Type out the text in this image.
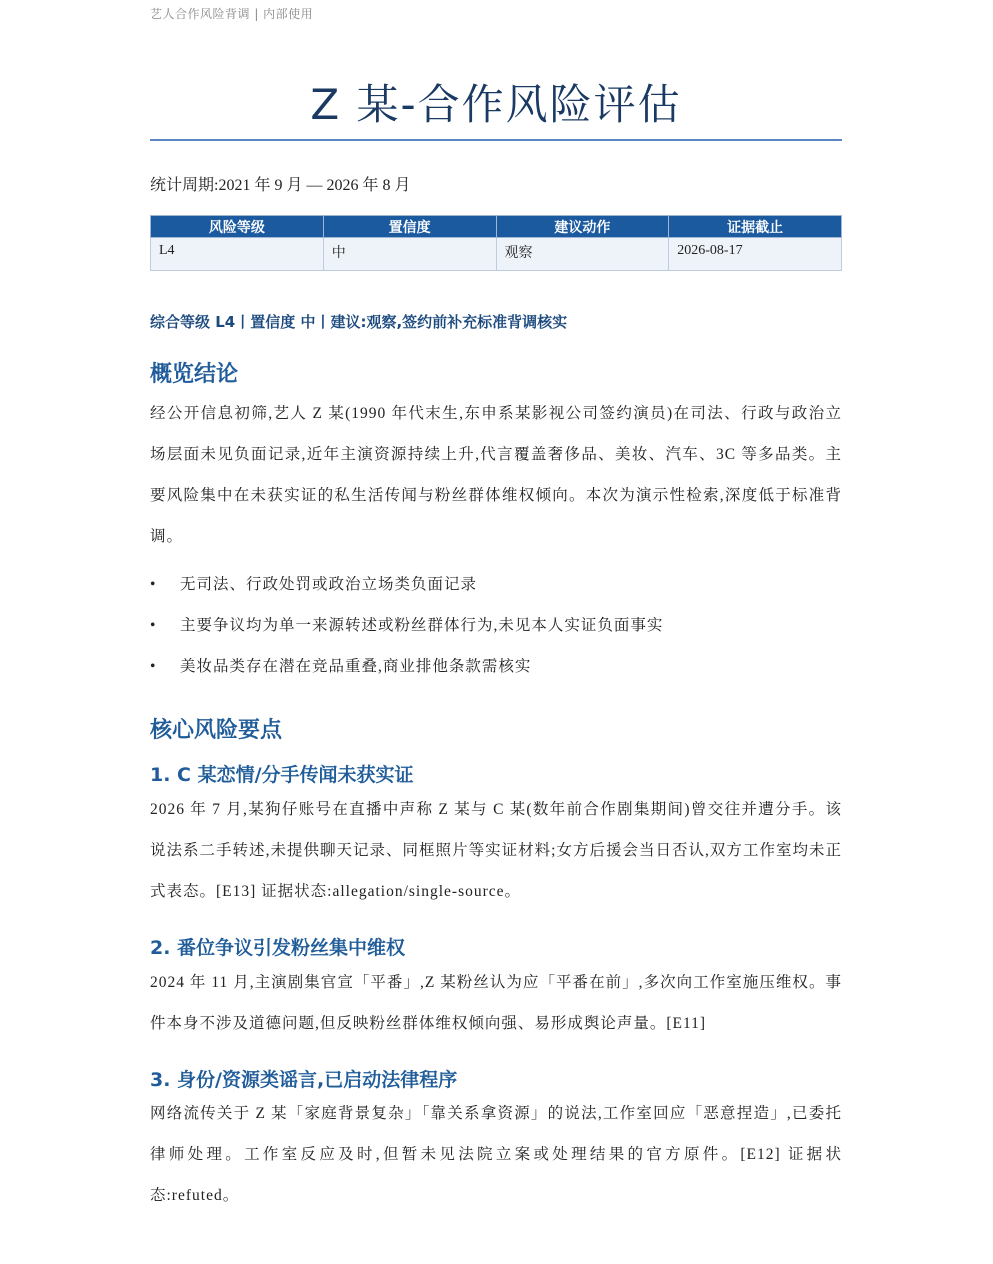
艺人合作风险背调 | 内部使用
Z 某-合作风险评估
统计周期:2021 年 9 月 — 2026 年 8 月
风险等级	置信度	建议动作	证据截止
L4	中	观察	2026-08-17
综合等级 L4丨置信度 中丨建议:观察,签约前补充标准背调核实
概览结论

经公开信息初筛,艺人 Z 某(1990 年代末生,东申系某影视公司签约演员)在司法、行政与政治立场层面未见负面记录,近年主演资源持续上升,代言覆盖奢侈品、美妆、汽车、3C 等多品类。主要风险集中在未获实证的私生活传闻与粉丝群体维权倾向。本次为演示性检索,深度低于标准背调。

• 无司法、行政处罚或政治立场类负面记录
• 主要争议均为单一来源转述或粉丝群体行为,未见本人实证负面事实
• 美妆品类存在潜在竞品重叠,商业排他条款需核实
核心风险要点
1. C 某恋情/分手传闻未获实证

2026 年 7 月,某狗仔账号在直播中声称 Z 某与 C 某(数年前合作剧集期间)曾交往并遭分手。该说法系二手转述,未提供聊天记录、同框照片等实证材料;女方后援会当日否认,双方工作室均未正式表态。[E13] 证据状态:allegation/single-source。

2. 番位争议引发粉丝集中维权

2024 年 11 月,主演剧集官宣「平番」,Z 某粉丝认为应「平番在前」,多次向工作室施压维权。事件本身不涉及道德问题,但反映粉丝群体维权倾向强、易形成舆论声量。[E11]

3. 身份/资源类谣言,已启动法律程序

网络流传关于 Z 某「家庭背景复杂」「靠关系拿资源」的说法,工作室回应「恶意捏造」,已委托律师处理。工作室反应及时,但暂未见法院立案或处理结果的官方原件。[E12] 证据状态:refuted。
